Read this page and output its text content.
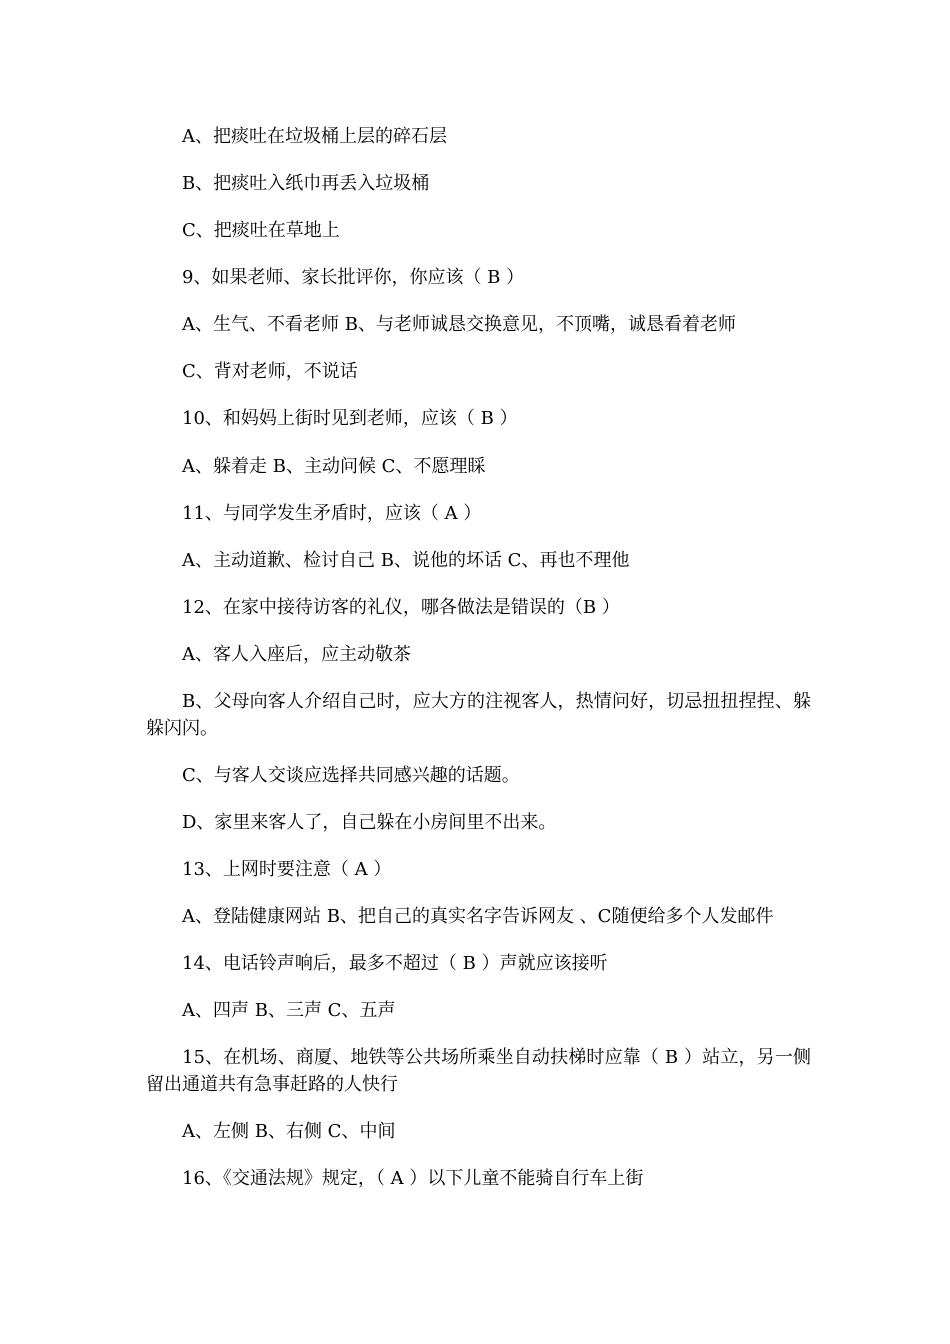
A、把痰吐在垃圾桶上层的碎石层
B、把痰吐入纸巾再丢入垃圾桶
C、把痰吐在草地上
9、如果老师、家长批评你，你应该（ B ）
A、生气、不看老师 B、与老师诚恳交换意见，不顶嘴，诚恳看着老师
C、背对老师，不说话
10、和妈妈上街时见到老师，应该（ B ）
A、躲着走 B、主动问候 C、不愿理睬
11、与同学发生矛盾时，应该（ A ）
A、主动道歉、检讨自己 B、说他的坏话 C、再也不理他
12、在家中接待访客的礼仪，哪各做法是错误的（B ）
A、客人入座后，应主动敬茶
B、父母向客人介绍自己时，应大方的注视客人，热情问好，切忌扭扭捏捏、躲躲闪闪。
C、与客人交谈应选择共同感兴趣的话题。
D、家里来客人了，自己躲在小房间里不出来。
13、上网时要注意（ A ）
A、登陆健康网站 B、把自己的真实名字告诉网友 、C随便给多个人发邮件
14、电话铃声响后，最多不超过（ B ）声就应该接听
A、四声 B、三声 C、五声
15、在机场、商厦、地铁等公共场所乘坐自动扶梯时应靠（ B ）站立，另一侧留出通道共有急事赶路的人快行
A、左侧 B、右侧 C、中间
16、《交通法规》规定，（ A ）以下儿童不能骑自行车上街
